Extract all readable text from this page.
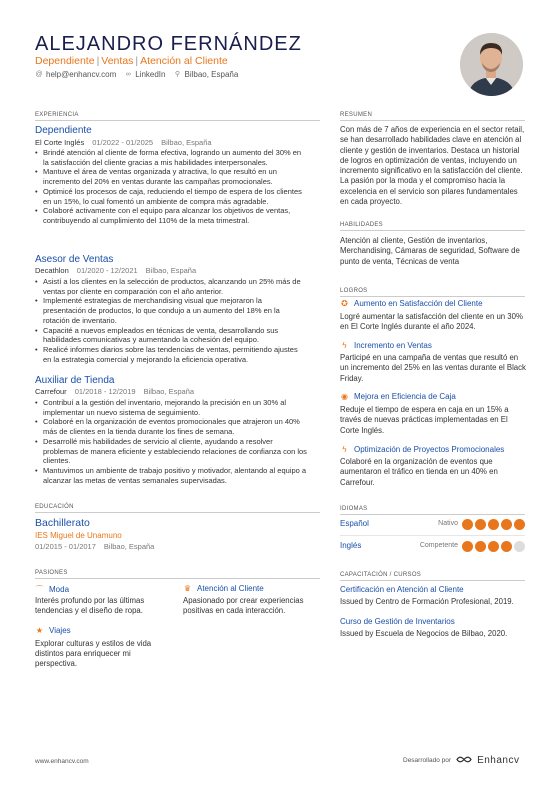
ALEJANDRO FERNÁNDEZ
Dependiente | Ventas | Atención al Cliente
@ help@enhancv.com ∞ LinkedIn ⚲ Bilbao, España
EXPERIENCIA
Dependiente
El Corte Inglés 01/2022 - 01/2025 Bilbao, España
• Brindé atención al cliente de forma efectiva, logrando un aumento del 30% en la satisfacción del cliente gracias a mis habilidades interpersonales.
• Mantuve el área de ventas organizada y atractiva, lo que resultó en un incremento del 20% en ventas durante las campañas promocionales.
• Optimicé los procesos de caja, reduciendo el tiempo de espera de los clientes en un 15%, lo cual fomentó un ambiente de compra más agradable.
• Colaboré activamente con el equipo para alcanzar los objetivos de ventas, contribuyendo al cumplimiento del 110% de la meta trimestral.
Asesor de Ventas
Decathlon 01/2020 - 12/2021 Bilbao, España
• Asistí a los clientes en la selección de productos, alcanzando un 25% más de ventas por cliente en comparación con el año anterior.
• Implementé estrategias de merchandising visual que mejoraron la presentación de productos, lo que condujo a un aumento del 18% en la rotación de inventario.
• Capacité a nuevos empleados en técnicas de venta, desarrollando sus habilidades comunicativas y aumentando la cohesión del equipo.
• Realicé informes diarios sobre las tendencias de ventas, permitiendo ajustes en la estrategia comercial y mejorando la eficiencia operativa.
Auxiliar de Tienda
Carrefour 01/2018 - 12/2019 Bilbao, España
• Contribuí a la gestión del inventario, mejorando la precisión en un 30% al implementar un nuevo sistema de seguimiento.
• Colaboré en la organización de eventos promocionales que atrajeron un 40% más de clientes en la tienda durante los fines de semana.
• Desarrollé mis habilidades de servicio al cliente, ayudando a resolver problemas de manera eficiente y estableciendo relaciones de confianza con los clientes.
• Mantuvimos un ambiente de trabajo positivo y motivador, alentando al equipo a alcanzar las metas de ventas semanales supervisadas.
EDUCACIÓN
Bachillerato
IES Miguel de Unamuno
01/2015 - 01/2017 Bilbao, España
PASIONES
⌒ Moda
Interés profundo por las últimas tendencias y el diseño de ropa.
♛ Atención al Cliente
Apasionado por crear experiencias positivas en cada interacción.
★ Viajes
Explorar culturas y estilos de vida distintos para enriquecer mi perspectiva.
RESUMEN
Con más de 7 años de experiencia en el sector retail, se han desarrollado habilidades clave en atención al cliente y gestión de inventarios. Destaca un historial de logros en optimización de ventas, incluyendo un incremento significativo en la satisfacción del cliente. La pasión por la moda y el compromiso hacia la excelencia en el servicio son pilares fundamentales en cada proyecto.
HABILIDADES
Atención al cliente, Gestión de inventarios, Merchandising, Cámaras de seguridad, Software de punto de venta, Técnicas de venta
LOGROS
✪ Aumento en Satisfacción del Cliente
Logré aumentar la satisfacción del cliente en un 30% en El Corte Inglés durante el año 2024.
ϟ Incremento en Ventas
Participé en una campaña de ventas que resultó en un incremento del 25% en las ventas durante el Black Friday.
◉ Mejora en Eficiencia de Caja
Reduje el tiempo de espera en caja en un 15% a través de nuevas prácticas implementadas en El Corte Inglés.
ϟ Optimización de Proyectos Promocionales
Colaboré en la organización de eventos que aumentaron el tráfico en tienda en un 40% en Carrefour.
IDIOMAS
Español	Nativo
Inglés	Competente
CAPACITACIÓN / CURSOS
Certificación en Atención al Cliente
Issued by Centro de Formación Profesional, 2019.
Curso de Gestión de Inventarios
Issued by Escuela de Negocios de Bilbao, 2020.
www.enhancv.com	Desarrollado por	Enhancv
